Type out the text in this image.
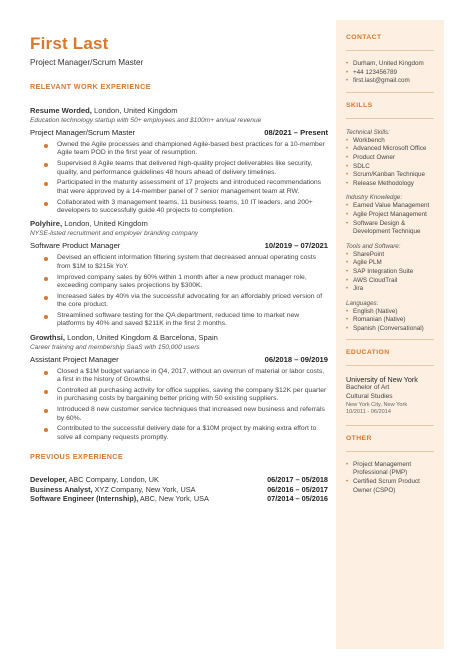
First Last
Project Manager/Scrum Master
RELEVANT WORK EXPERIENCE
Resume Worded, London, United Kingdom
Education technology startup with 50+ employees and $100m+ annual revenue
Project Manager/Scrum Master	08/2021 – Present
Owned the Agile processes and championed Agile-based best practices for a 10-member Agile team POD in the first year of resumption.
Supervised 8 Agile teams that delivered high-quality project deliverables like security, quality, and performance guidelines 48 hours ahead of delivery timelines.
Participated in the maturity assessment of 17 projects and introduced recommendations that were approved by a 14-member panel of 7 senior management team at RW.
Collaborated with 3 management teams, 11 business teams, 10 IT leaders, and 200+ developers to successfully guide 40 projects to completion.
Polyhire, London, United Kingdom
NYSE-listed recruitment and employer branding company
Software Product Manager	10/2019 – 07/2021
Devised an efficient information filtering system that decreased annual operating costs from $1M to $215k YoY.
Improved company sales by 60% within 1 month after a new product manager role, exceeding company sales projections by $300K.
Increased sales by 40% via the successful advocating for an affordably priced version of the core product.
Streamlined software testing for the QA department, reduced time to market new platforms by 40% and saved $211K in the first 2 months.
Growthsi, London, United Kingdom & Barcelona, Spain
Career training and membership SaaS with 150,000 users
Assistant Project Manager	06/2018 – 09/2019
Closed a $1M budget variance in Q4, 2017, without an overrun of material or labor costs, a first in the history of Growthsi.
Controlled all purchasing activity for office supplies, saving the company $12K per quarter in purchasing costs by bargaining better pricing with 50 existing suppliers.
Introduced 8 new customer service techniques that increased new business and referrals by 60%.
Contributed to the successful delivery date for a $10M project by making extra effort to solve all company requests promptly.
PREVIOUS EXPERIENCE
Developer, ABC Company, London, UK	06/2017 – 05/2018
Business Analyst, XYZ Company, New York, USA	06/2016 – 05/2017
Software Engineer (Internship), ABC, New York, USA	07/2014 – 05/2016
CONTACT
• Durham, United Kingdom
• +44 123456789
• first.last@gmail.com
SKILLS
Technical Skills:
• Workbench
• Advanced Microsoft Office
• Product Owner
• SDLC
• Scrum/Kanban Technique
• Release Methodology
Industry Knowledge:
• Earned Value Management
• Agile Project Management
• Software Design & Development Technique
Tools and Software:
• SharePoint
• Agile PLM
• SAP Integration Suite
• AWS CloudTrail
• Jira
Languages:
• English (Native)
• Romanian (Native)
• Spanish (Conversational)
EDUCATION
University of New York
Bachelor of Art
Cultural Studies
New York City, New York
10/2011 - 06/2014
OTHER
• Project Management Professional (PMP)
• Certified Scrum Product Owner (CSPO)
